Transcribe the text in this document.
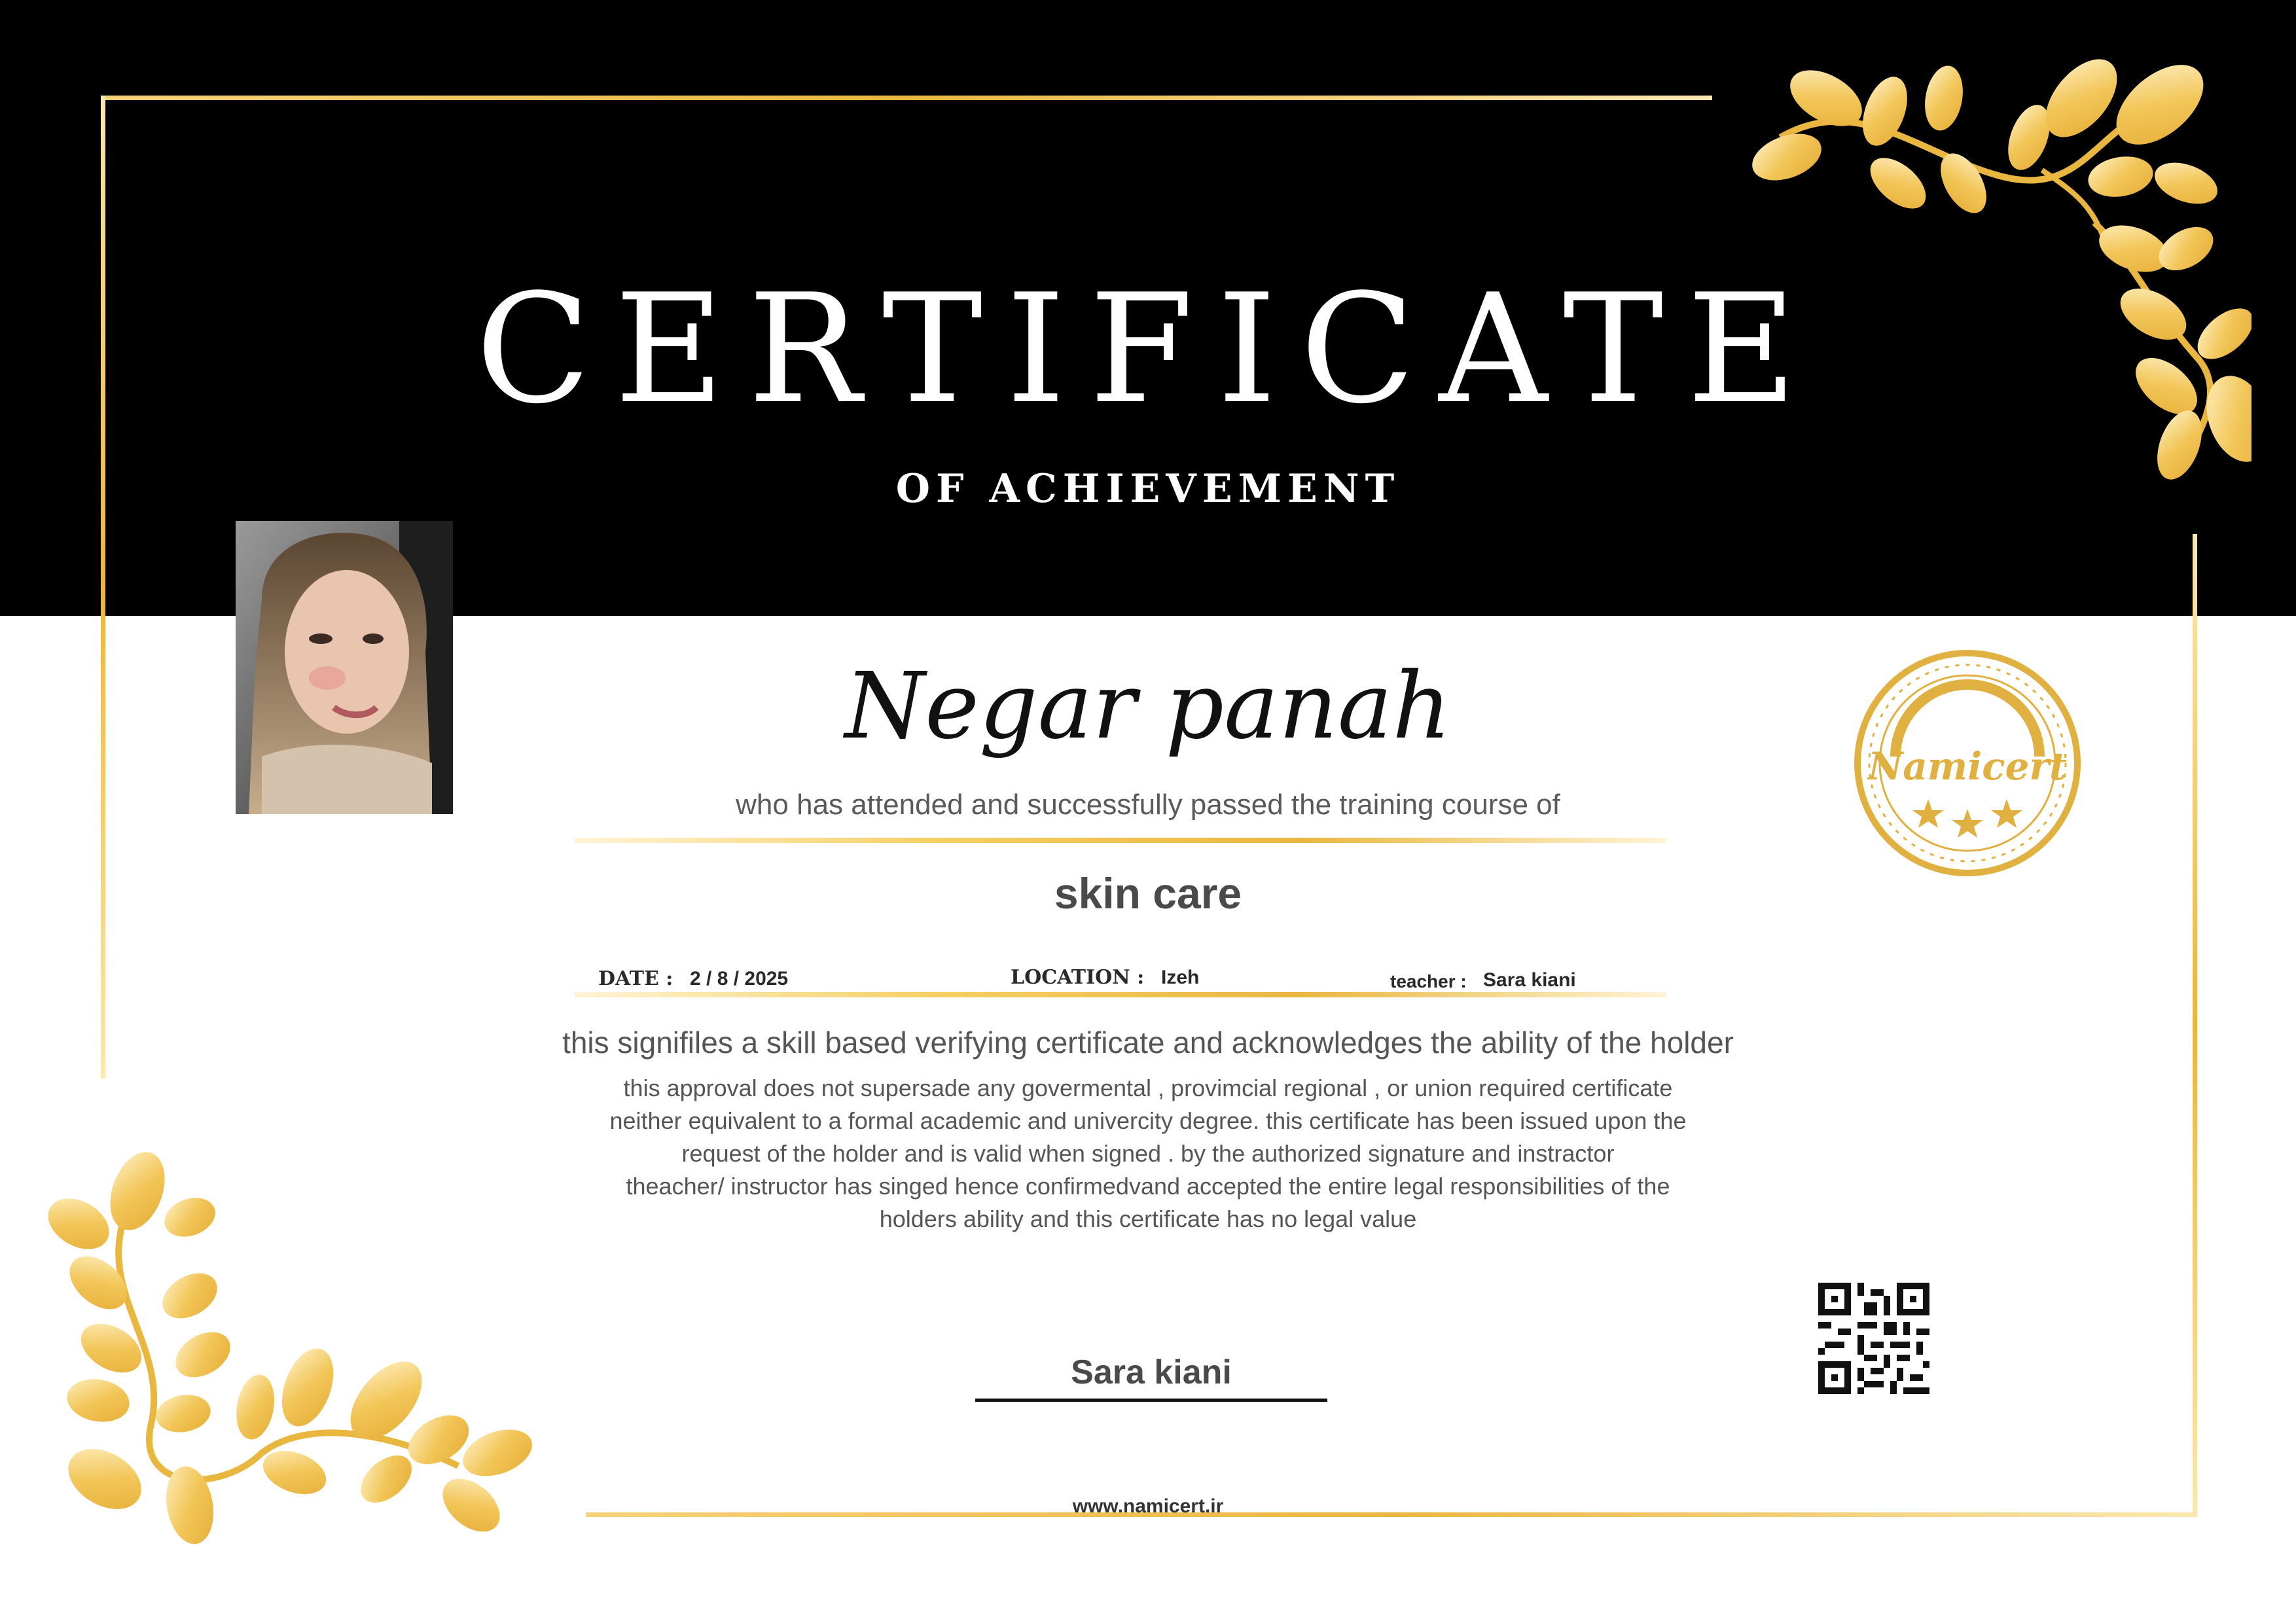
CERTIFICATE
OF ACHIEVEMENT
Negar panah
who has attended and successfully passed the training course of
skin care
DATE : 2 / 8 / 2025	LOCATION : Izeh	teacher : Sara kiani
this signifiles a skill based verifying certificate and acknowledges the ability of the holder
this approval does not supersade any govermental , provimcial regional , or union required certificate
neither equivalent to a formal academic and univercity degree. this certificate has been issued upon the
request of the holder and is valid when signed . by the authorized signature and instractor
theacher/ instructor has singed hence confirmedvand accepted the entire legal responsibilities of the
holders ability and this certificate has no legal value
Namicert
Sara kiani
www.namicert.ir
